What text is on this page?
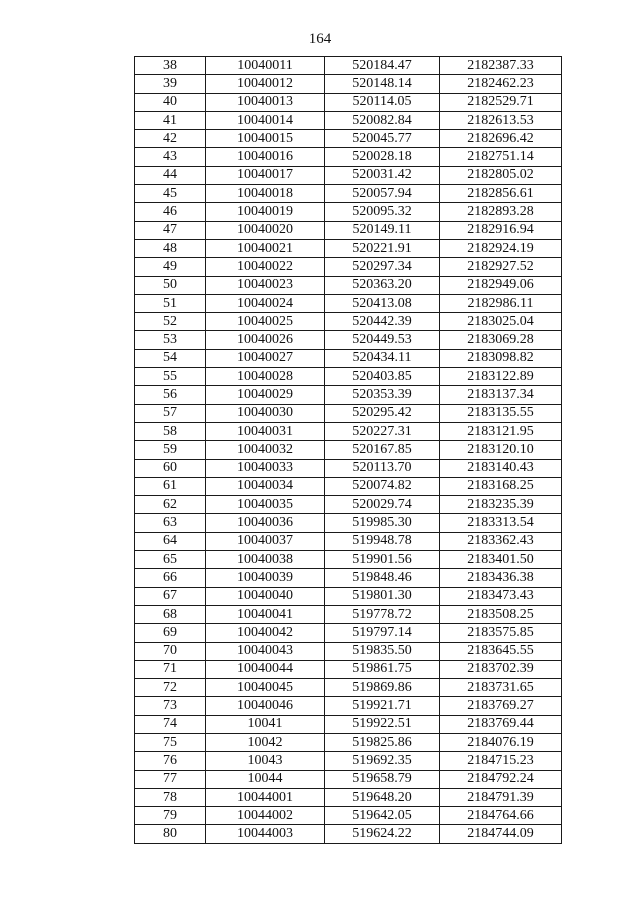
164
38	10040011	520184.47	2182387.33
39	10040012	520148.14	2182462.23
40	10040013	520114.05	2182529.71
41	10040014	520082.84	2182613.53
42	10040015	520045.77	2182696.42
43	10040016	520028.18	2182751.14
44	10040017	520031.42	2182805.02
45	10040018	520057.94	2182856.61
46	10040019	520095.32	2182893.28
47	10040020	520149.11	2182916.94
48	10040021	520221.91	2182924.19
49	10040022	520297.34	2182927.52
50	10040023	520363.20	2182949.06
51	10040024	520413.08	2182986.11
52	10040025	520442.39	2183025.04
53	10040026	520449.53	2183069.28
54	10040027	520434.11	2183098.82
55	10040028	520403.85	2183122.89
56	10040029	520353.39	2183137.34
57	10040030	520295.42	2183135.55
58	10040031	520227.31	2183121.95
59	10040032	520167.85	2183120.10
60	10040033	520113.70	2183140.43
61	10040034	520074.82	2183168.25
62	10040035	520029.74	2183235.39
63	10040036	519985.30	2183313.54
64	10040037	519948.78	2183362.43
65	10040038	519901.56	2183401.50
66	10040039	519848.46	2183436.38
67	10040040	519801.30	2183473.43
68	10040041	519778.72	2183508.25
69	10040042	519797.14	2183575.85
70	10040043	519835.50	2183645.55
71	10040044	519861.75	2183702.39
72	10040045	519869.86	2183731.65
73	10040046	519921.71	2183769.27
74	10041	519922.51	2183769.44
75	10042	519825.86	2184076.19
76	10043	519692.35	2184715.23
77	10044	519658.79	2184792.24
78	10044001	519648.20	2184791.39
79	10044002	519642.05	2184764.66
80	10044003	519624.22	2184744.09
